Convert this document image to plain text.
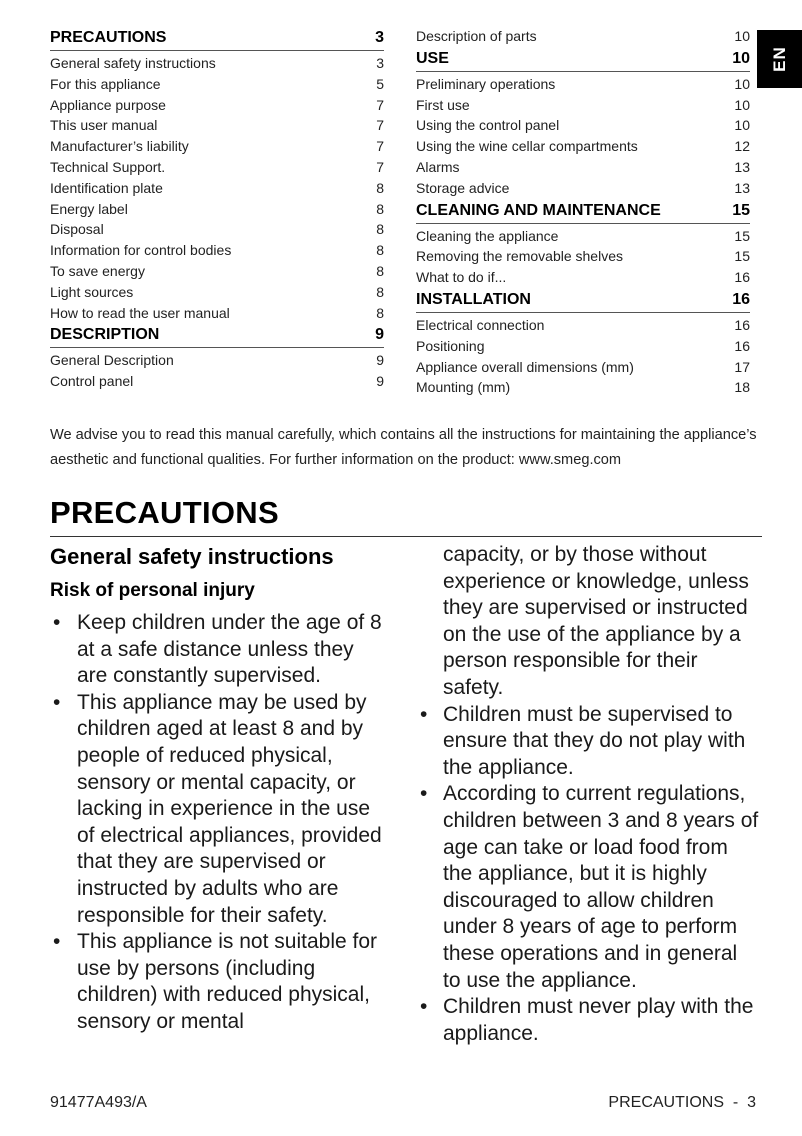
PRECAUTIONS	3
General safety instructions	3
For this appliance	5
Appliance purpose	7
This user manual	7
Manufacturer’s liability	7
Technical Support.	7
Identification plate	8
Energy label	8
Disposal	8
Information for control bodies	8
To save energy	8
Light sources	8
How to read the user manual	8
DESCRIPTION	9
General Description	9
Control panel	9
Description of parts	10
USE	10
Preliminary operations	10
First use	10
Using the control panel	10
Using the wine cellar compartments	12
Alarms	13
Storage advice	13
CLEANING AND MAINTENANCE	15
Cleaning the appliance	15
Removing the removable shelves	15
What to do if...	16
INSTALLATION	16
Electrical connection	16
Positioning	16
Appliance overall dimensions (mm)	17
Mounting (mm)	18
EN
We advise you to read this manual carefully, which contains all the instructions for maintaining the appliance’s aesthetic and functional qualities. For further information on the product: www.smeg.com
PRECAUTIONS
General safety instructions
Risk of personal injury
• Keep children under the age of 8 at a safe distance unless they are constantly supervised.
• This appliance may be used by children aged at least 8 and by people of reduced physical, sensory or mental capacity, or lacking in experience in the use of electrical appliances, provided that they are supervised or instructed by adults who are responsible for their safety.
• This appliance is not suitable for use by persons (including children) with reduced physical, sensory or mental
capacity, or by those without experience or knowledge, unless they are supervised or instructed on the use of the appliance by a person responsible for their safety.
• Children must be supervised to ensure that they do not play with the appliance.
• According to current regulations, children between 3 and 8 years of age can take or load food from the appliance, but it is highly discouraged to allow children under 8 years of age to perform these operations and in general to use the appliance.
• Children must never play with the appliance.
91477A493/A	PRECAUTIONS  -  3
